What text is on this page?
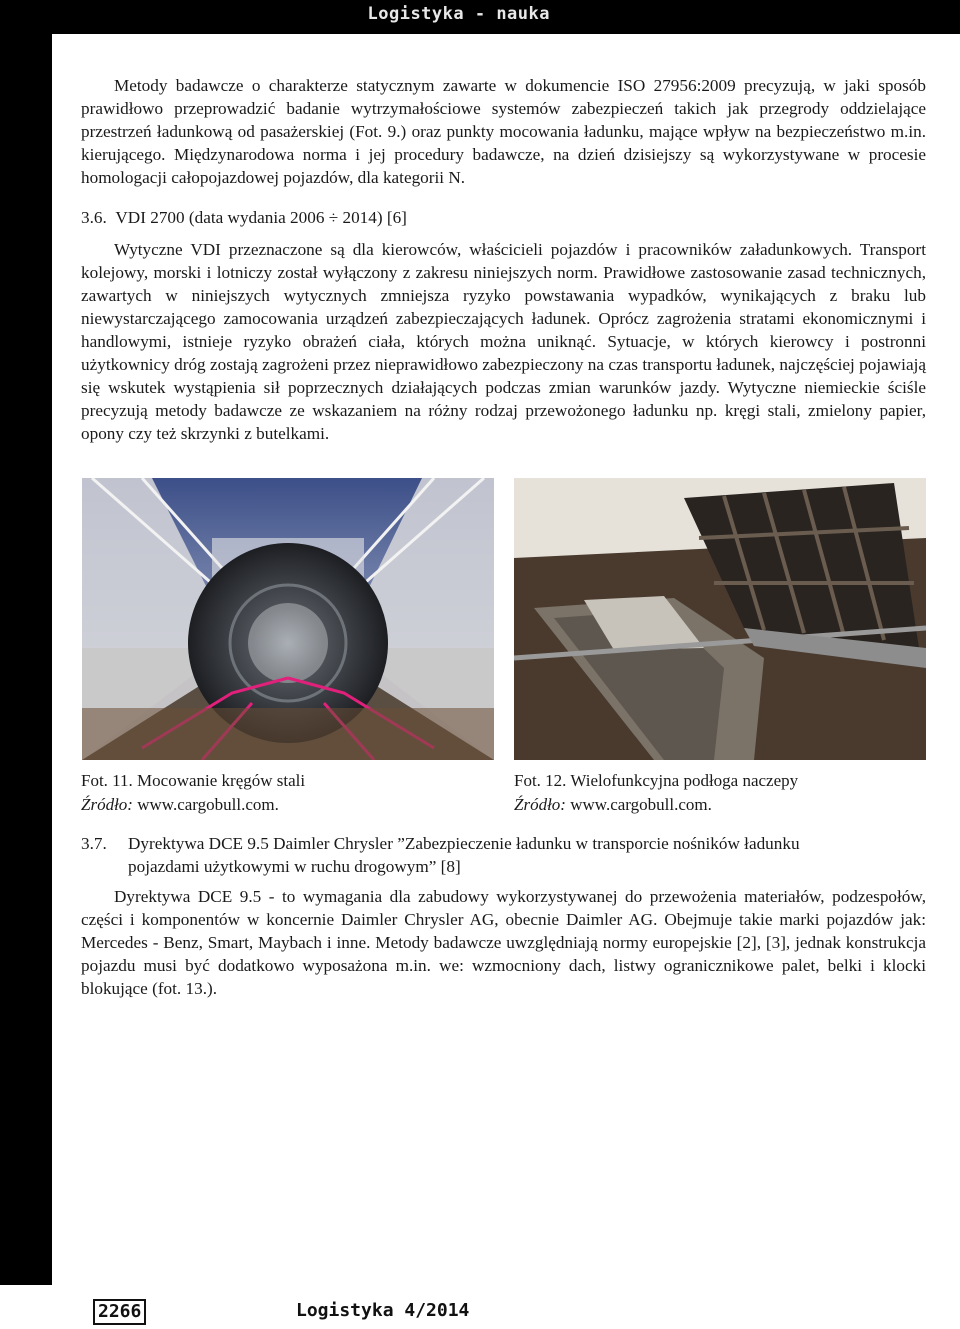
Logistyka - nauka

Metody badawcze o charakterze statycznym zawarte w dokumencie ISO 27956:2009 precyzują, w jaki sposób prawidłowo przeprowadzić badanie wytrzymałościowe systemów zabezpieczeń takich jak przegrody oddzielające przestrzeń ładunkową od pasażerskiej (Fot. 9.) oraz punkty mocowania ładunku, mające wpływ na bezpieczeństwo m.in. kierującego. Międzynarodowa norma i jej procedury badawcze, na dzień dzisiejszy są wykorzystywane w procesie homologacji całopojazdowej pojazdów, dla kategorii N.

3.6. VDI 2700 (data wydania 2006 ÷ 2014) [6]

Wytyczne VDI przeznaczone są dla kierowców, właścicieli pojazdów i pracowników załadunkowych. Transport kolejowy, morski i lotniczy został wyłączony z zakresu niniejszych norm. Prawidłowe zastosowanie zasad technicznych, zawartych w niniejszych wytycznych zmniejsza ryzyko powstawania wypadków, wynikających z braku lub niewystarczającego zamocowania urządzeń zabezpieczających ładunek. Oprócz zagrożenia stratami ekonomicznymi i handlowymi, istnieje ryzyko obrażeń ciała, których można uniknąć. Sytuacje, w których kierowcy i postronni użytkownicy dróg zostają zagrożeni przez nieprawidłowo zabezpieczony na czas transportu ładunek, najczęściej pojawiają się wskutek wystąpienia sił poprzecznych działających podczas zmian warunków jazdy. Wytyczne niemieckie ściśle precyzują metody badawcze ze wskazaniem na różny rodzaj przewożonego ładunku np. kręgi stali, zmielony papier, opony czy też skrzynki z butelkami.

Fot. 11. Mocowanie kręgów stali
Źródło: www.cargobull.com.
Fot. 12. Wielofunkcyjna podłoga naczepy
Źródło: www.cargobull.com.
3.7.	Dyrektywa DCE 9.5 Daimler Chrysler ”Zabezpieczenie ładunku w transporcie nośników ładunku
pojazdami użytkowymi w ruchu drogowym” [8]

Dyrektywa DCE 9.5 - to wymagania dla zabudowy wykorzystywanej do przewożenia materiałów, podzespołów, części i komponentów w koncernie Daimler Chrysler AG, obecnie Daimler AG. Obejmuje takie marki pojazdów jak: Mercedes - Benz, Smart, Maybach i inne. Metody badawcze uwzględniają normy europejskie [2], [3], jednak konstrukcja pojazdu musi być dodatkowo wyposażona m.in. we: wzmocniony dach, listwy ogranicznikowe palet, belki i klocki blokujące (fot. 13.).

2266	Logistyka 4/2014
